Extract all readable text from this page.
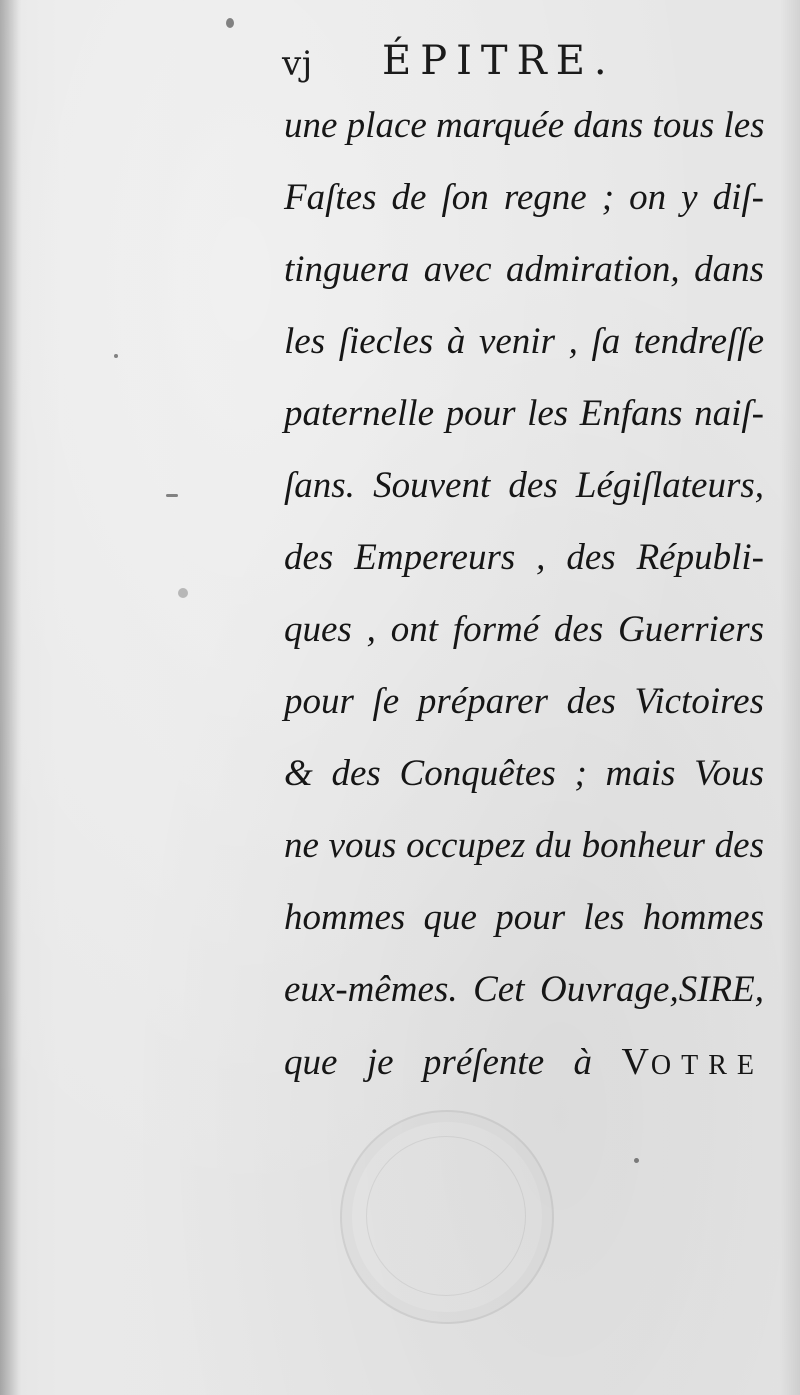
vj ÉPITRE.
une place marquée dans tous les
Faſtes de ſon regne ; on y diſ-
tinguera avec admiration, dans
les ſiecles à venir , ſa tendreſſe
paternelle pour les Enfans naiſ-
ſans. Souvent des Légiſlateurs,
des Empereurs , des Républi-
ques , ont formé des Guerriers
pour ſe préparer des Victoires
& des Conquêtes ; mais Vous
ne vous occupez du bonheur des
hommes que pour les hommes
eux-mêmes. Cet Ouvrage,SIRE,
que je préſente à VOTRE
